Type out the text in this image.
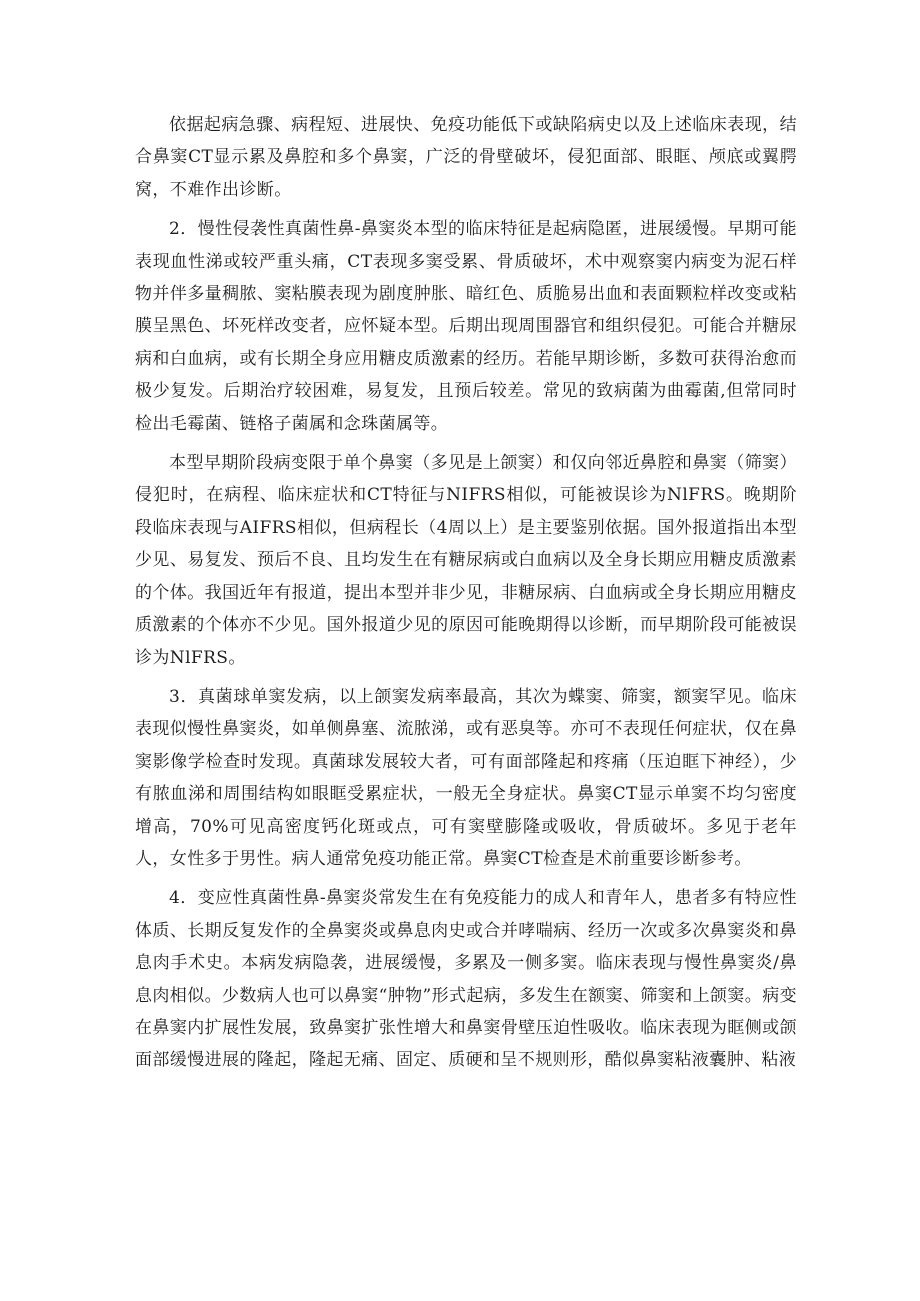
依据起病急骤、病程短、进展快、免疫功能低下或缺陷病史以及上述临床表现，结合鼻窦CT显示累及鼻腔和多个鼻窦，广泛的骨壁破坏，侵犯面部、眼眶、颅底或翼腭窝，不难作出诊断。

2．慢性侵袭性真菌性鼻-鼻窦炎本型的临床特征是起病隐匿，进展缓慢。早期可能表现血性涕或较严重头痛，CT表现多窦受累、骨质破坏，术中观察窦内病变为泥石样物并伴多量稠脓、窦粘膜表现为剧度肿胀、暗红色、质脆易出血和表面颗粒样改变或粘膜呈黑色、坏死样改变者，应怀疑本型。后期出现周围器官和组织侵犯。可能合并糖尿病和白血病，或有长期全身应用糖皮质激素的经历。若能早期诊断，多数可获得治愈而极少复发。后期治疗较困难，易复发，且预后较差。常见的致病菌为曲霉菌,但常同时检出毛霉菌、链格子菌属和念珠菌属等。

本型早期阶段病变限于单个鼻窦（多见是上颌窦）和仅向邻近鼻腔和鼻窦（筛窦）侵犯时，在病程、临床症状和CT特征与NIFRS相似，可能被误诊为NlFRS。晚期阶段临床表现与AIFRS相似，但病程长（4周以上）是主要鉴别依据。国外报道指出本型少见、易复发、预后不良、且均发生在有糖尿病或白血病以及全身长期应用糖皮质激素的个体。我国近年有报道，提出本型并非少见，非糖尿病、白血病或全身长期应用糖皮质激素的个体亦不少见。国外报道少见的原因可能晚期得以诊断，而早期阶段可能被误诊为NlFRS。

3．真菌球单窦发病，以上颌窦发病率最高，其次为蝶窦、筛窦，额窦罕见。临床表现似慢性鼻窦炎，如单侧鼻塞、流脓涕，或有恶臭等。亦可不表现任何症状，仅在鼻窦影像学检查时发现。真菌球发展较大者，可有面部隆起和疼痛（压迫眶下神经），少有脓血涕和周围结构如眼眶受累症状，一般无全身症状。鼻窦CT显示单窦不均匀密度增高，70%可见高密度钙化斑或点，可有窦壁膨隆或吸收，骨质破坏。多见于老年人，女性多于男性。病人通常免疫功能正常。鼻窦CT检查是术前重要诊断参考。

4．变应性真菌性鼻-鼻窦炎常发生在有免疫能力的成人和青年人，患者多有特应性体质、长期反复发作的全鼻窦炎或鼻息肉史或合并哮喘病、经历一次或多次鼻窦炎和鼻息肉手术史。本病发病隐袭，进展缓慢，多累及一侧多窦。临床表现与慢性鼻窦炎/鼻息肉相似。少数病人也可以鼻窦“肿物”形式起病，多发生在额窦、筛窦和上颌窦。病变在鼻窦内扩展性发展，致鼻窦扩张性增大和鼻窦骨壁压迫性吸收。临床表现为眶侧或颌面部缓慢进展的隆起，隆起无痛、固定、质硬和呈不规则形，酷似鼻窦粘液囊肿、粘液
